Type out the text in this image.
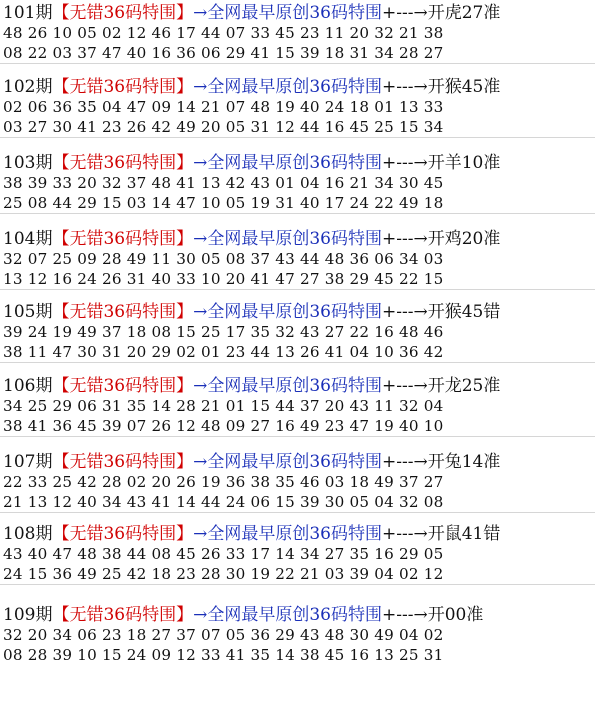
101期【无错36码特围】→全网最早原创36码特围+---→开虎27准
48 26 10 05 02 12 46 17 44 07 33 45 23 11 20 32 21 38
08 22 03 37 47 40 16 36 06 29 41 15 39 18 31 34 28 27
102期【无错36码特围】→全网最早原创36码特围+---→开猴45准
02 06 36 35 04 47 09 14 21 07 48 19 40 24 18 01 13 33
03 27 30 41 23 26 42 49 20 05 31 12 44 16 45 25 15 34
103期【无错36码特围】→全网最早原创36码特围+---→开羊10准
38 39 33 20 32 37 48 41 13 42 43 01 04 16 21 34 30 45
25 08 44 29 15 03 14 47 10 05 19 31 40 17 24 22 49 18
104期【无错36码特围】→全网最早原创36码特围+---→开鸡20准
32 07 25 09 28 49 11 30 05 08 37 43 44 48 36 06 34 03
13 12 16 24 26 31 40 33 10 20 41 47 27 38 29 45 22 15
105期【无错36码特围】→全网最早原创36码特围+---→开猴45错
39 24 19 49 37 18 08 15 25 17 35 32 43 27 22 16 48 46
38 11 47 30 31 20 29 02 01 23 44 13 26 41 04 10 36 42
106期【无错36码特围】→全网最早原创36码特围+---→开龙25准
34 25 29 06 31 35 14 28 21 01 15 44 37 20 43 11 32 04
38 41 36 45 39 07 26 12 48 09 27 16 49 23 47 19 40 10
107期【无错36码特围】→全网最早原创36码特围+---→开兔14准
22 33 25 42 28 02 20 26 19 36 38 35 46 03 18 49 37 27
21 13 12 40 34 43 41 14 44 24 06 15 39 30 05 04 32 08
108期【无错36码特围】→全网最早原创36码特围+---→开鼠41错
43 40 47 48 38 44 08 45 26 33 17 14 34 27 35 16 29 05
24 15 36 49 25 42 18 23 28 30 19 22 21 03 39 04 02 12
109期【无错36码特围】→全网最早原创36码特围+---→开00准
32 20 34 06 23 18 27 37 07 05 36 29 43 48 30 49 04 02
08 28 39 10 15 24 09 12 33 41 35 14 38 45 16 13 25 31
